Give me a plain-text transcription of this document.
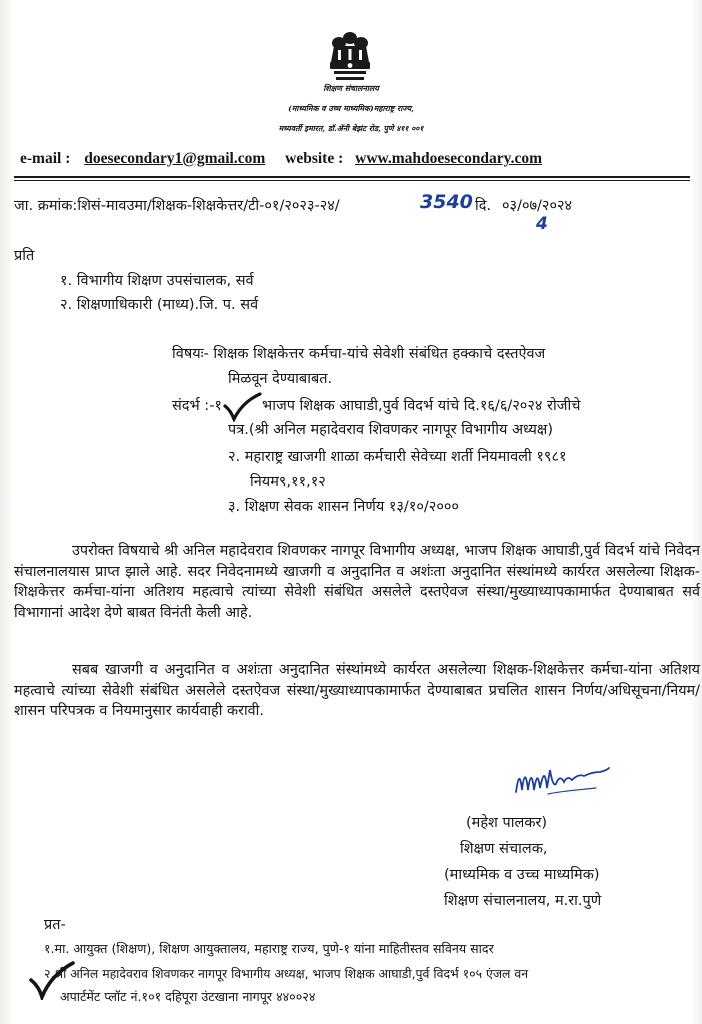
शिक्षण संचालनालय
(माध्यमिक व उच्च माध्यमिक)महाराष्ट्र राज्य,
मध्यवर्ती इमारत, डॉ.ॲनी बेझंट रोड, पुणे ४११ ००१
e-mail : doesecondary1@gmail.com website : www.mahdoesecondary.com
जा. क्रमांक:शिसं-मावउमा/शिक्षक-शिक्षकेत्तर/टी-०१/२०२३-२४/	3540 दि. ०३/०७/२०२४
4
प्रति
१. विभागीय शिक्षण उपसंचालक, सर्व
२. शिक्षणाधिकारी (माध्य).जि. प. सर्व
विषयः- शिक्षक शिक्षकेत्तर कर्मचा-यांचे सेवेशी संबंधित हक्काचे दस्तऐवज
मिळवून देण्याबाबत.
संदर्भ :-१	भाजप शिक्षक आघाडी,पुर्व विदर्भ यांचे दि.१६/६/२०२४ रोजीचे
पत्र.(श्री अनिल महादेवराव शिवणकर नागपूर विभागीय अध्यक्ष)
२. महाराष्ट्र खाजगी शाळा कर्मचारी सेवेच्या शर्ती नियमावली १९८१
नियम९,११,१२
३. शिक्षण सेवक शासन निर्णय १३/१०/२०००
उपरोक्त विषयाचे श्री अनिल महादेवराव शिवणकर नागपूर विभागीय अध्यक्ष, भाजप शिक्षक आघाडी,पुर्व विदर्भ यांचे निवेदन संचालनालयास प्राप्त झाले आहे. सदर निवेदनामध्ये खाजगी व अनुदानित व अशंःता अनुदानित संस्थांमध्ये कार्यरत असलेल्या शिक्षक-शिक्षकेत्तर कर्मचा-यांना अतिशय महत्वाचे त्यांच्या सेवेशी संबंधित असलेले दस्तऐवज संस्था/मुख्याध्यापकामार्फत देण्याबाबत सर्व विभागानां आदेश देणे बाबत विनंती केली आहे.
सबब खाजगी व अनुदानित व अशंःता अनुदानित संस्थांमध्ये कार्यरत असलेल्या शिक्षक-शिक्षकेत्तर कर्मचा-यांना अतिशय महत्वाचे त्यांच्या सेवेशी संबंधित असलेले दस्तऐवज संस्था/मुख्याध्यापकामार्फत देण्याबाबत प्रचलित शासन निर्णय/अधिसूचना/नियम/शासन परिपत्रक व नियमानुसार कार्यवाही करावी.
(महेश पालकर)
शिक्षण संचालक,
(माध्यमिक व उच्च माध्यमिक)
शिक्षण संचालनालय, म.रा.पुणे
प्रत-
१.मा. आयुक्त (शिक्षण), शिक्षण आयुक्तालय, महाराष्ट्र राज्य, पुणे-१ यांना माहितीस्तव सविनय सादर
२.श्री अनिल महादेवराव शिवणकर नागपूर विभागीय अध्यक्ष, भाजप शिक्षक आघाडी,पुर्व विदर्भ १०५ एंजल वन
अपार्टमेंट प्लॉट नं.१०१ दहिपूरा उंटखाना नागपूर ४४००२४
